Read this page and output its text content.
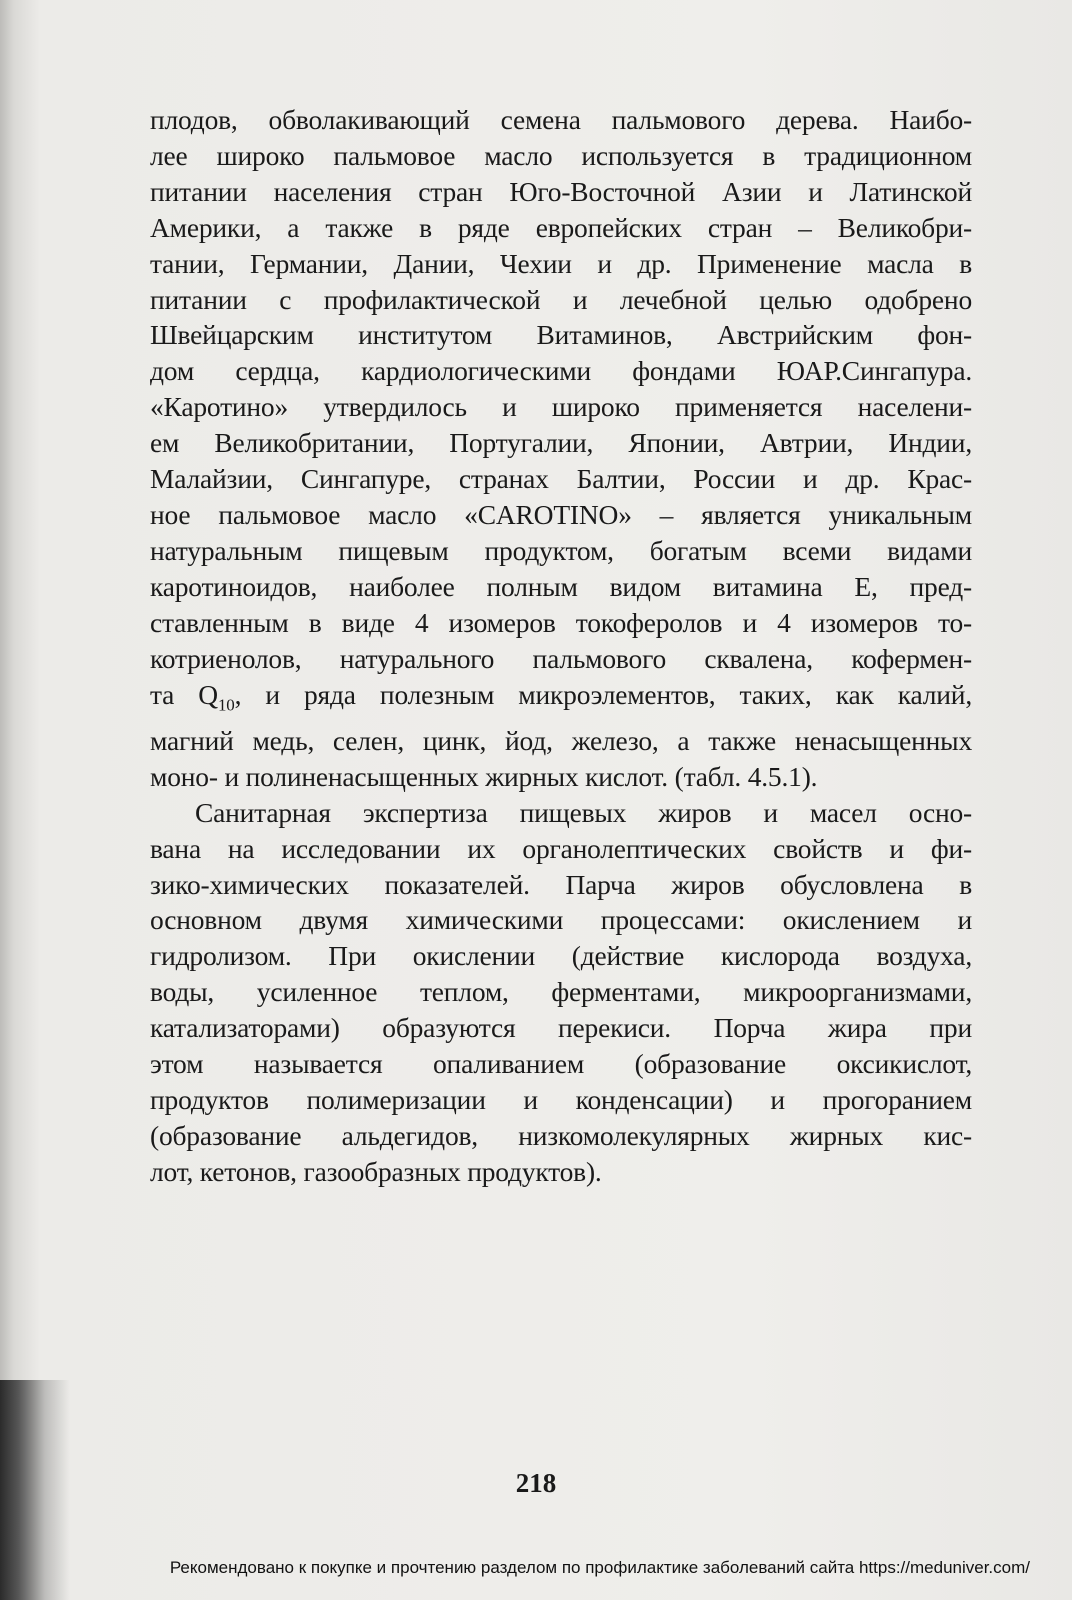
плодов, обволакивающий семена пальмового дерева. Наибо-
лее широко пальмовое масло используется в традиционном
питании населения стран Юго-Восточной Азии и Латинской
Америки, а также в ряде европейских стран – Великобри-
тании, Германии, Дании, Чехии и др. Применение масла в
питании с профилактической и лечебной целью одобрено
Швейцарским институтом Витаминов, Австрийским фон-
дом сердца, кардиологическими фондами ЮАР.Сингапура.
«Каротино» утвердилось и широко применяется населени-
ем Великобритании, Португалии, Японии, Автрии, Индии,
Малайзии, Сингапуре, странах Балтии, России и др. Крас-
ное пальмовое масло «CAROTINO» – является уникальным
натуральным пищевым продуктом, богатым всеми видами
каротиноидов, наиболее полным видом витамина Е, пред-
ставленным в виде 4 изомеров токоферолов и 4 изомеров то-
котриенолов, натурального пальмового сквалена, кофермен-
та $Q_{10}$, и ряда полезным микроэлементов, таких, как калий,
магний медь, селен, цинк, йод, железо, а также ненасыщенных
моно- и полиненасыщенных жирных кислот. (табл. 4.5.1).

Санитарная экспертиза пищевых жиров и масел осно-
вана на исследовании их органолептических свойств и фи-
зико-химических показателей. Парча жиров обусловлена в
основном двумя химическими процессами: окислением и
гидролизом. При окислении (действие кислорода воздуха,
воды, усиленное теплом, ферментами, микроорганизмами,
катализаторами) образуются перекиси. Порча жира при
этом называется опаливанием (образование оксикислот,
продуктов полимеризации и конденсации) и прогоранием
(образование альдегидов, низкомолекулярных жирных кис-
лот, кетонов, газообразных продуктов).

218
Рекомендовано к покупке и прочтению разделом по профилактике заболеваний сайта https://meduniver.com/
